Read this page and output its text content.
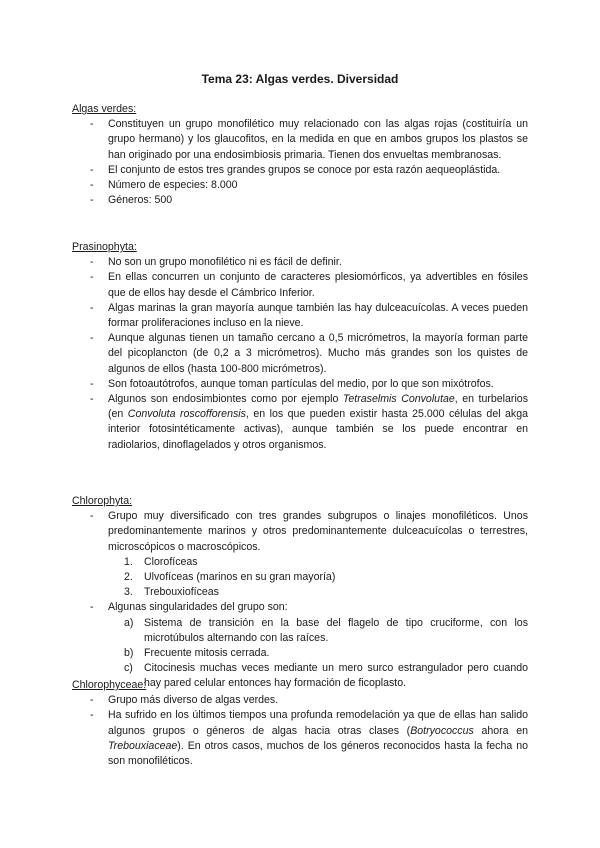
Tema 23: Algas verdes. Diversidad

Algas verdes:

- Constituyen un grupo monofilético muy relacionado con las algas rojas (costituiría un grupo hermano) y los glaucofitos, en la medida en que en ambos grupos los plastos se han originado por una endosimbiosis primaria. Tienen dos envueltas membranosas.
- El conjunto de estos tres grandes grupos se conoce por esta razón aequeoplástida.
- Número de especies: 8.000
- Géneros: 500

Prasinophyta:

- No son un grupo monofilético ni es fácil de definir.
- En ellas concurren un conjunto de caracteres plesiomórficos, ya advertibles en fósiles que de ellos hay desde el Cámbrico Inferior.
- Algas marinas la gran mayoría aunque también las hay dulceacuícolas. A veces pueden formar proliferaciones incluso en la nieve.
- Aunque algunas tienen un tamaño cercano a 0,5 micrómetros, la mayoría forman parte del picoplancton (de 0,2 a 3 micrómetros). Mucho más grandes son los quistes de algunos de ellos (hasta 100-800 micrómetros).
- Son fotoautótrofos, aunque toman partículas del medio, por lo que son mixótrofos.
- Algunos son endosimbiontes como por ejemplo Tetraselmis Convolutae, en turbelarios (en Convoluta roscofforensis, en los que pueden existir hasta 25.000 células del akga interior fotosintéticamente activas), aunque también se los puede encontrar en radiolarios, dinoflagelados y otros organismos.

Chlorophyta:

- Grupo muy diversificado con tres grandes subgrupos o linajes monofiléticos. Unos predominantemente marinos y otros predominantemente dulceacuícolas o terrestres, microscópicos o macroscópicos.
1. Clorofíceas
2. Ulvofíceas (marinos en su gran mayoría)
3. Trebouxiofíceas
- Algunas singularidades del grupo son:
a) Sistema de transición en la base del flagelo de tipo cruciforme, con los microtúbulos alternando con las raíces.
b) Frecuente mitosis cerrada.
c) Citocinesis muchas veces mediante un mero surco estrangulador pero cuando hay pared celular entonces hay formación de ficoplasto.

Chlorophyceae:

- Grupo más diverso de algas verdes.
- Ha sufrido en los últimos tiempos una profunda remodelación ya que de ellas han salido algunos grupos o géneros de algas hacia otras clases (Botryococcus ahora en Trebouxiaceae). En otros casos, muchos de los géneros reconocidos hasta la fecha no son monofiléticos.
